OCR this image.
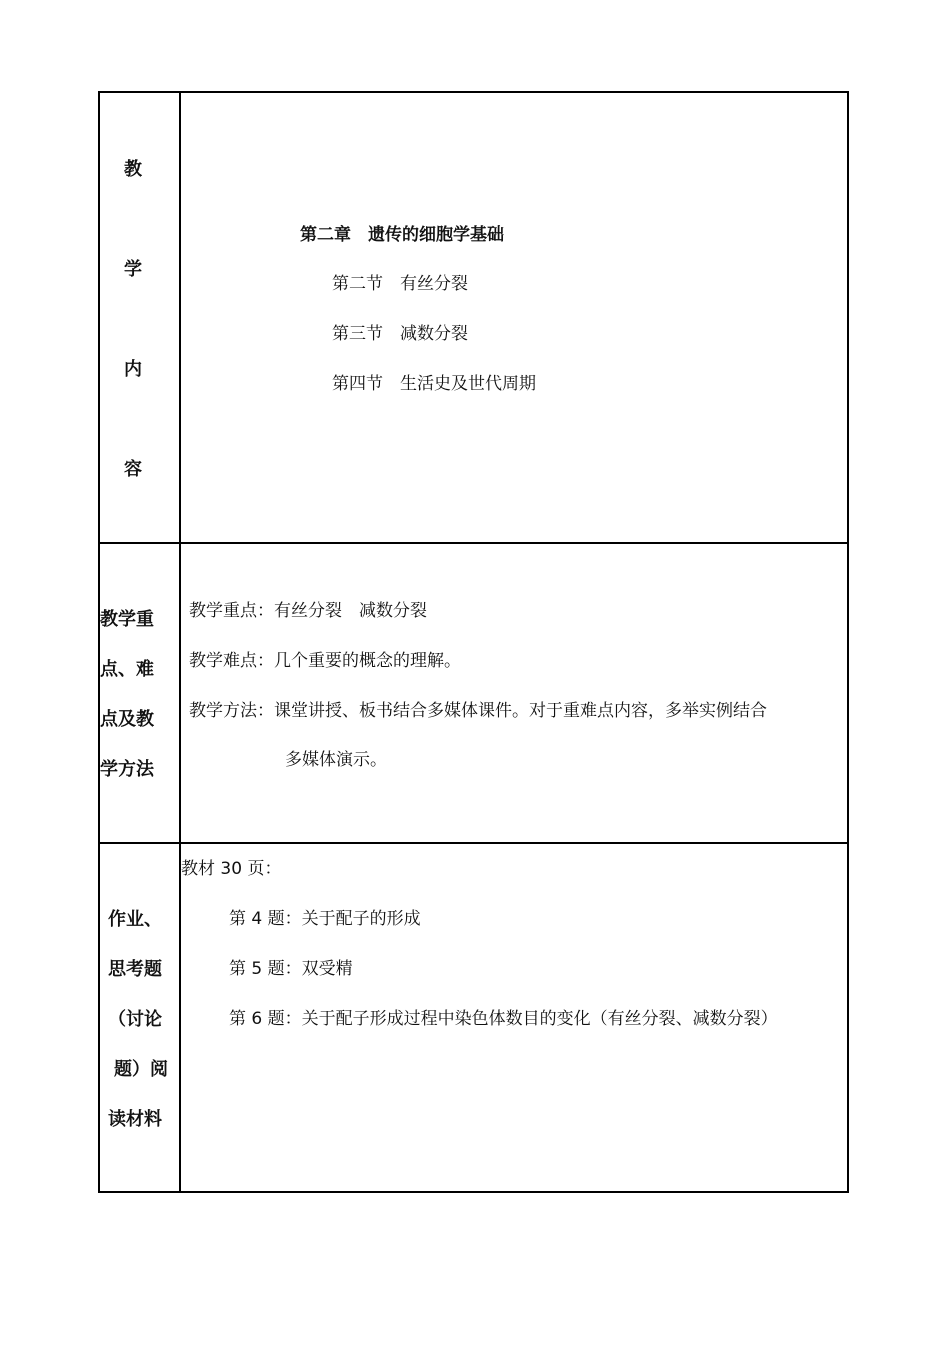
教
学
内
容
第二章　遗传的细胞学基础
第二节　有丝分裂
第三节　减数分裂
第四节　生活史及世代周期
教学重
点、难
点及教
学方法
教学重点：有丝分裂　减数分裂
教学难点：几个重要的概念的理解。
教学方法：课堂讲授、板书结合多媒体课件。对于重难点内容，多举实例结合
多媒体演示。
作业、
思考题
（讨论
题）阅
读材料
教材 30 页：
第 4 题：关于配子的形成
第 5 题：双受精
第 6 题：关于配子形成过程中染色体数目的变化（有丝分裂、减数分裂）
